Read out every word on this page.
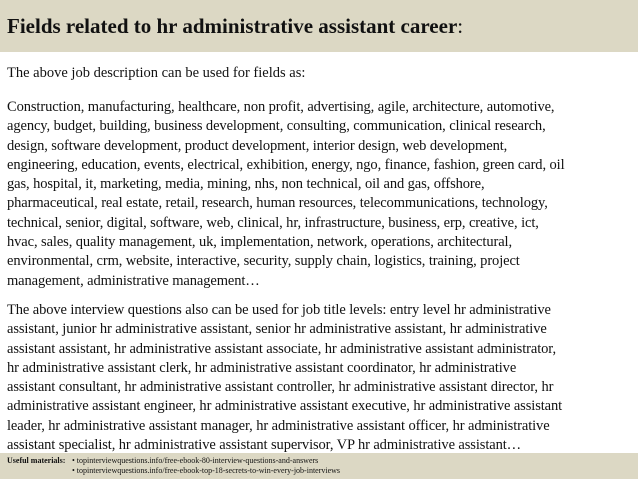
Fields related to hr administrative assistant career:

The above job description can be used for fields as:

Construction, manufacturing, healthcare, non profit, advertising, agile, architecture, automotive,
agency, budget, building, business development, consulting, communication, clinical research,
design, software development, product development, interior design, web development,
engineering, education, events, electrical, exhibition, energy, ngo, finance, fashion, green card, oil
gas, hospital, it, marketing, media, mining, nhs, non technical, oil and gas, offshore,
pharmaceutical, real estate, retail, research, human resources, telecommunications, technology,
technical, senior, digital, software, web, clinical, hr, infrastructure, business, erp, creative, ict,
hvac, sales, quality management, uk, implementation, network, operations, architectural,
environmental, crm, website, interactive, security, supply chain, logistics, training, project
management, administrative management…

The above interview questions also can be used for job title levels: entry level hr administrative
assistant, junior hr administrative assistant, senior hr administrative assistant, hr administrative
assistant assistant, hr administrative assistant associate, hr administrative assistant administrator,
hr administrative assistant clerk, hr administrative assistant coordinator, hr administrative
assistant consultant, hr administrative assistant controller, hr administrative assistant director, hr
administrative assistant engineer, hr administrative assistant executive, hr administrative assistant
leader, hr administrative assistant manager, hr administrative assistant officer, hr administrative
assistant specialist, hr administrative assistant supervisor, VP hr administrative assistant…

Useful materials: • topinterviewquestions.info/free-ebook-80-interview-questions-and-answers
• topinterviewquestions.info/free-ebook-top-18-secrets-to-win-every-job-interviews
